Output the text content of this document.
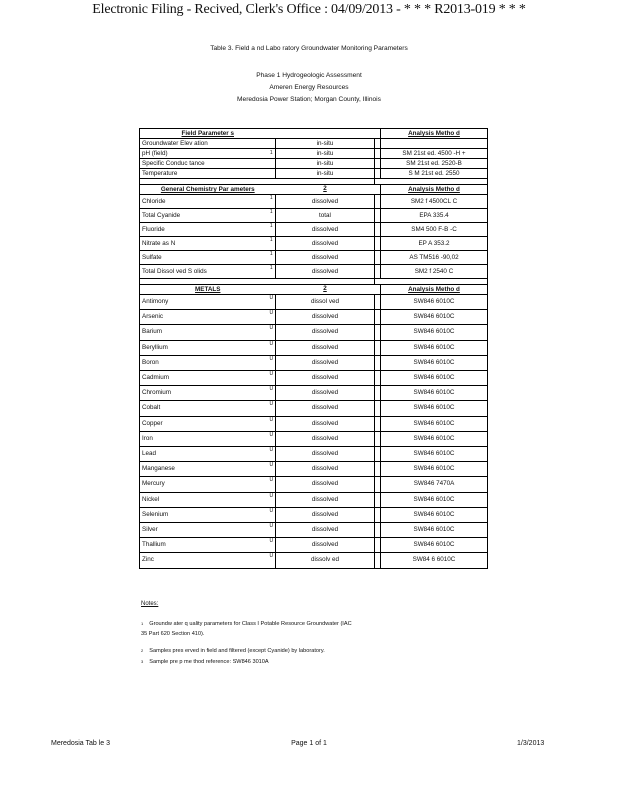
Electronic Filing - Recived, Clerk's Office : 04/09/2013 - * * * R2013-019 * * *
Table 3. Field a nd Labo ratory Groundwater Monitoring Parameters
Phase 1 Hydrogeologic Assessment
Ameren Energy Resources
Meredosia Power Station; Morgan County, Illinois
Field Parameter s				Analysis Metho d
Groundwater Elev ation		in-situ		
pH (field)	1	in-situ		SM 21st ed. 4500 -H +
Specific Conduc tance		in-situ		SM 21st ed. 2520-B
Temperature		in-situ		S M 21st ed. 2550

General Chemistry Par ameters		2		Analysis Metho d
Chloride	1	dissolved		SM2 f 4500CL C
Total Cyanide	1	total		EPA 335.4
Fluoride	1	dissolved		SM4 500 F-B -C
Nitrate as N	1	dissolved		EP A 353.2
Sulfate	1	dissolved		AS TM516 -90,02
Total Dissol ved S olids	1	dissolved		SM2 f 2540 C

METALS		2		Analysis Metho d
Antimony	U	dissol ved		SW846 6010C
Arsenic	U	dissolved		SW846 6010C
Barium	U	dissolved		SW846 6010C
Beryllium	U	dissolved		SW846 6010C
Boron	U	dissolved		SW846 6010C
Cadmium	U	dissolved		SW846 6010C
Chromium	U	dissolved		SW846 6010C
Cobalt	U	dissolved		SW846 6010C
Copper	U	dissolved		SW846 6010C
Iron	U	dissolved		SW846 6010C
Lead	U	dissolved		SW846 6010C
Manganese	U	dissolved		SW846 6010C
Mercury	U	dissolved		SW846 7470A
Nickel	U	dissolved		SW846 6010C
Selenium	U	dissolved		SW846 6010C
Silver	U	dissolved		SW846 6010C
Thallium	U	dissolved		SW846 6010C
Zinc	U	dissolv ed		SW84 6 6010C
Notes:
$^1$ Groundw ater q uality parameters for Class I Potable Resource Groundwater (IAC
35 Part 620 Section 410).
$^2$ Samples pres erved in field and filtered (except Cyanide) by laboratory.
$^3$ Sample pre p me thod reference: SW846 3010A
Meredosia Tab le 3	Page 1 of 1	1/3/2013
